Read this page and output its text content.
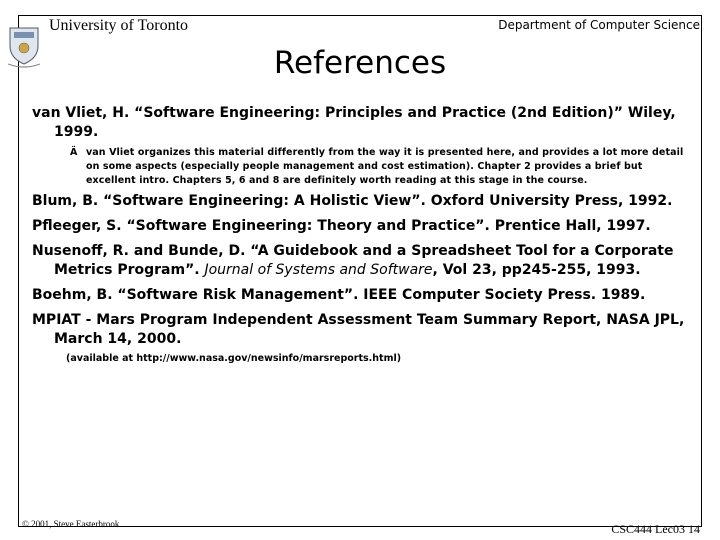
University of Toronto	Department of Computer Science
References
van Vliet, H. “Software Engineering: Principles and Practice (2nd Edition)” Wiley, 1999.
Ä van Vliet organizes this material differently from the way it is presented here, and provides a lot more detail on some aspects (especially people management and cost estimation). Chapter 2 provides a brief but excellent intro. Chapters 5, 6 and 8 are definitely worth reading at this stage in the course.
Blum, B. “Software Engineering: A Holistic View”. Oxford University Press, 1992.
Pfleeger, S. “Software Engineering: Theory and Practice”. Prentice Hall, 1997.
Nusenoff, R. and Bunde, D. “A Guidebook and a Spreadsheet Tool for a Corporate Metrics Program”. Journal of Systems and Software, Vol 23, pp245-255, 1993.
Boehm, B. “Software Risk Management”. IEEE Computer Society Press. 1989.
MPIAT - Mars Program Independent Assessment Team Summary Report, NASA JPL, March 14, 2000.
(available at http://www.nasa.gov/newsinfo/marsreports.html)
© 2001, Steve Easterbrook	CSC444 Lec03 14
